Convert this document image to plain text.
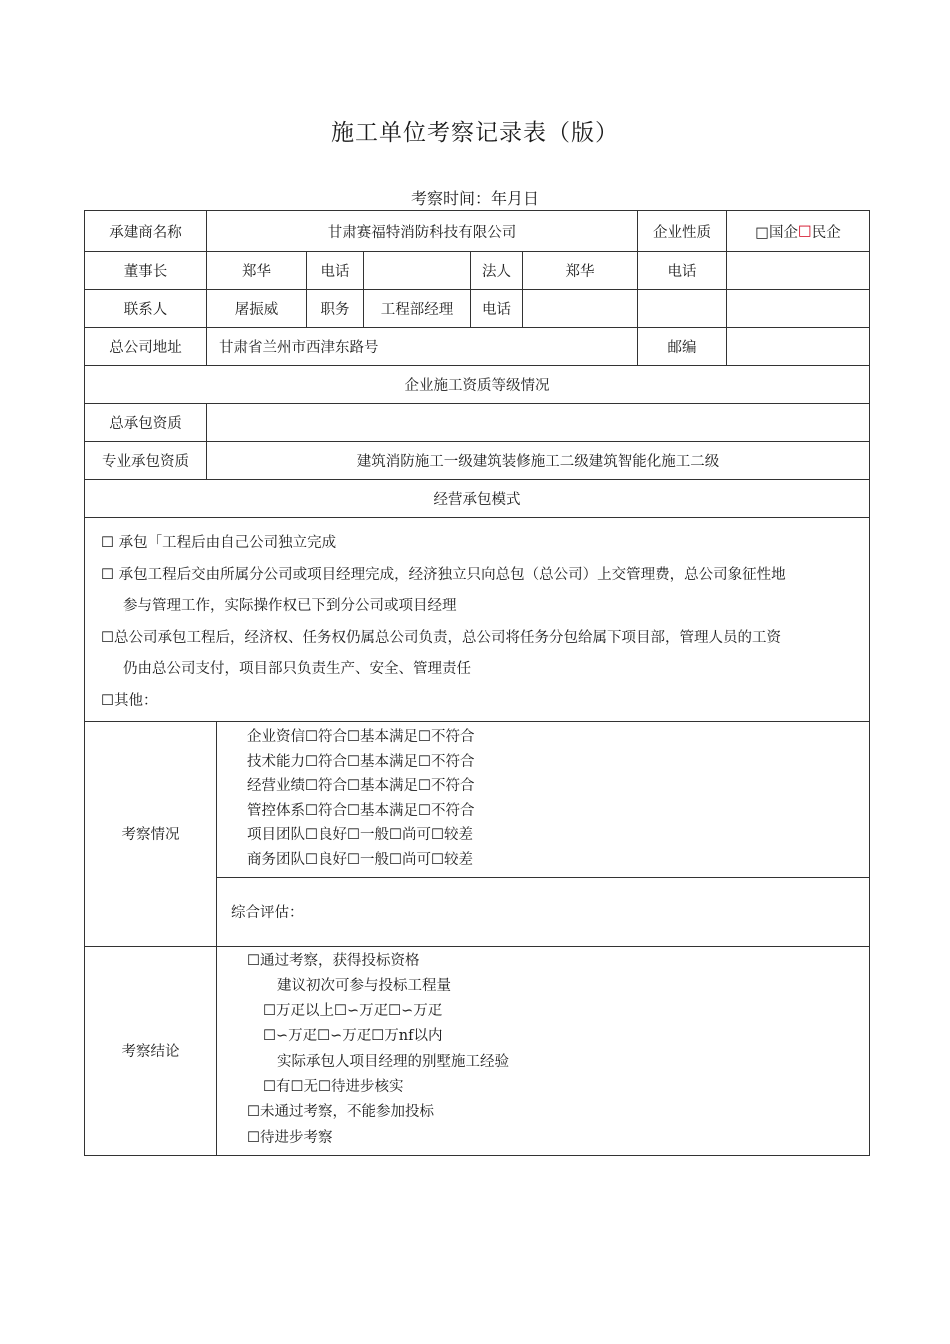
施工单位考察记录表（版）
考察时间：年月日
承建商名称	甘肃赛福特消防科技有限公司	企业性质	□国企 □ 民企
董事长	郑华	电话	法人	郑华	电话
联系人	屠振威	职务	工程部经理	电话
总公司地址	甘肃省兰州市西津东路号	邮编
企业施工资质等级情况
总承包资质
专业承包资质	建筑消防施工一级建筑装修施工二级建筑智能化施工二级
经营承包模式
☐ 承包「工程后由自己公司独立完成
☐ 承包工程后交由所属分公司或项目经理完成，经济独立只向总包（总公司）上交管理费，总公司象征性地
参与管理工作，实际操作权已下到分公司或项目经理
☐总公司承包工程后，经济权、任务权仍属总公司负责，总公司将任务分包给属下项目部，管理人员的工资
仍由总公司支付，项目部只负责生产、安全、管理责任
☐其他：
考察情况
企业资信☐符合☐基本满足☐不符合
技术能力☐符合☐基本满足☐不符合
经营业绩☐符合☐基本满足☐不符合
管控体系☐符合☐基本满足☐不符合
项目团队☐良好☐一般☐尚可☐较差
商务团队☐良好☐一般☐尚可☐较差
综合评估：
考察结论
☐通过考察，获得投标资格
建议初次可参与投标工程量
☐万疋以上☐∽万疋☐∽万疋
☐∽万疋☐∽万疋☐万nf以内
实际承包人项目经理的别墅施工经验
☐有☐无☐待进步核实
☐未通过考察，不能参加投标
☐待进步考察
